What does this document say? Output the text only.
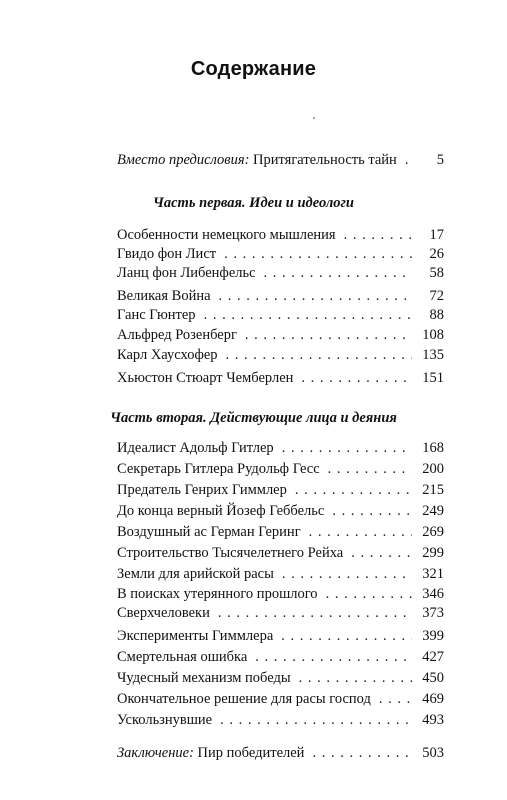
Содержание
Вместо предисловия: Притягательность тайн . . .	5
Часть первая. Идеи и идеологи
Особенности немецкого мышления . . .	17
Гвидо фон Лист . . .	26
Ланц фон Либенфельс . . .	58
Великая Война . . .	72
Ганс Гюнтер . . .	88
Альфред Розенберг . . .	108
Карл Хаусхофер . . .	135
Хьюстон Стюарт Чемберлен . . .	151
Часть вторая. Действующие лица и деяния
Идеалист Адольф Гитлер . . .	168
Секретарь Гитлера Рудольф Гесс . . .	200
Предатель Генрих Гиммлер . . .	215
До конца верный Йозеф Геббельс . . .	249
Воздушный ас Герман Геринг . . .	269
Строительство Тысячелетнего Рейха . . .	299
Земли для арийской расы . . .	321
В поисках утерянного прошлого . . .	346
Сверхчеловеки . . .	373
Эксперименты Гиммлера . . .	399
Смертельная ошибка . . .	427
Чудесный механизм победы . . .	450
Окончательное решение для расы господ . . .	469
Ускользнувшие . . .	493
Заключение: Пир победителей . . .	503
